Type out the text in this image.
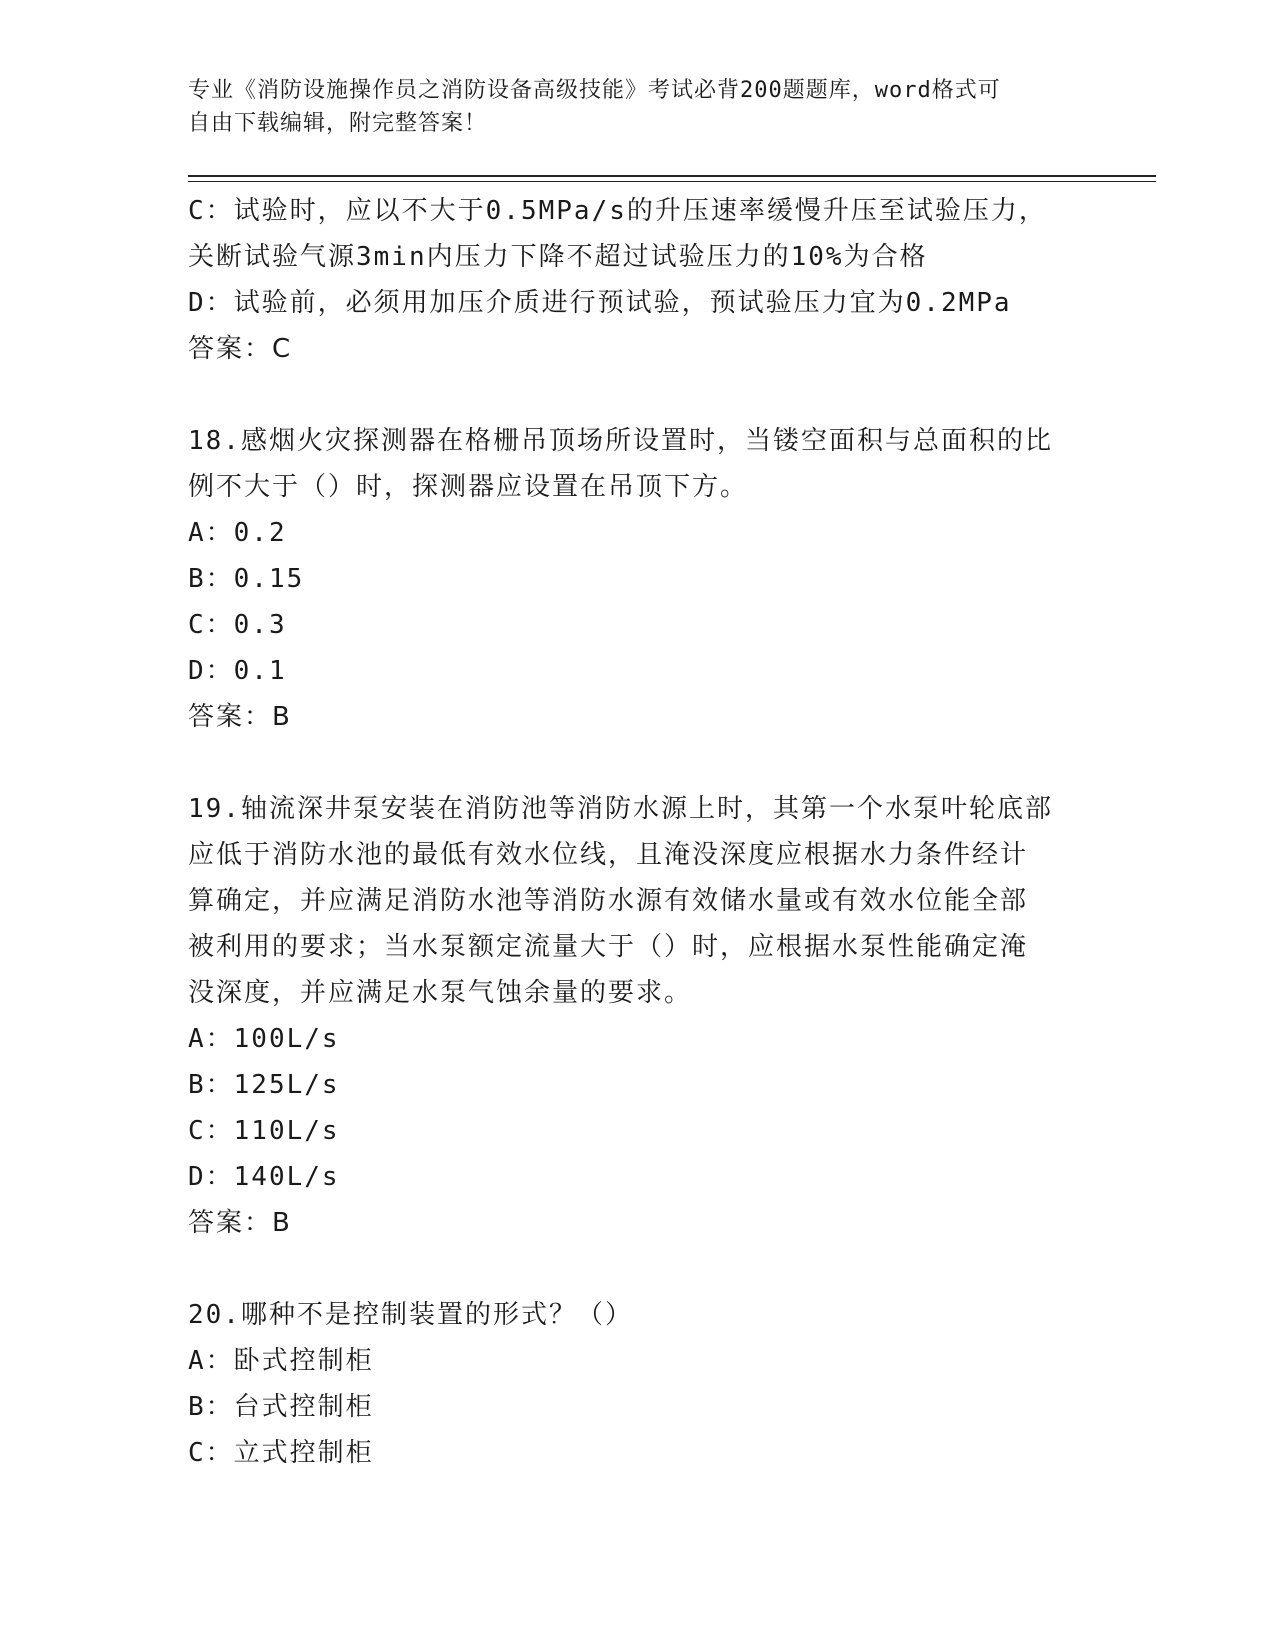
专业《消防设施操作员之消防设备高级技能》考试必背200题题库，word格式可
自由下载编辑，附完整答案！
C：试验时，应以不大于0.5MPa/s的升压速率缓慢升压至试验压力，
关断试验气源3min内压力下降不超过试验压力的10%为合格
D：试验前，必须用加压介质进行预试验，预试验压力宜为0.2MPa
答案：C
18.感烟火灾探测器在格栅吊顶场所设置时，当镂空面积与总面积的比
例不大于（）时，探测器应设置在吊顶下方。
A：0.2
B：0.15
C：0.3
D：0.1
答案：B
19.轴流深井泵安装在消防池等消防水源上时，其第一个水泵叶轮底部
应低于消防水池的最低有效水位线，且淹没深度应根据水力条件经计
算确定，并应满足消防水池等消防水源有效储水量或有效水位能全部
被利用的要求；当水泵额定流量大于（）时，应根据水泵性能确定淹
没深度，并应满足水泵气蚀余量的要求。
A：100L/s
B：125L/s
C：110L/s
D：140L/s
答案：B
20.哪种不是控制装置的形式？（）
A：卧式控制柜
B：台式控制柜
C：立式控制柜
